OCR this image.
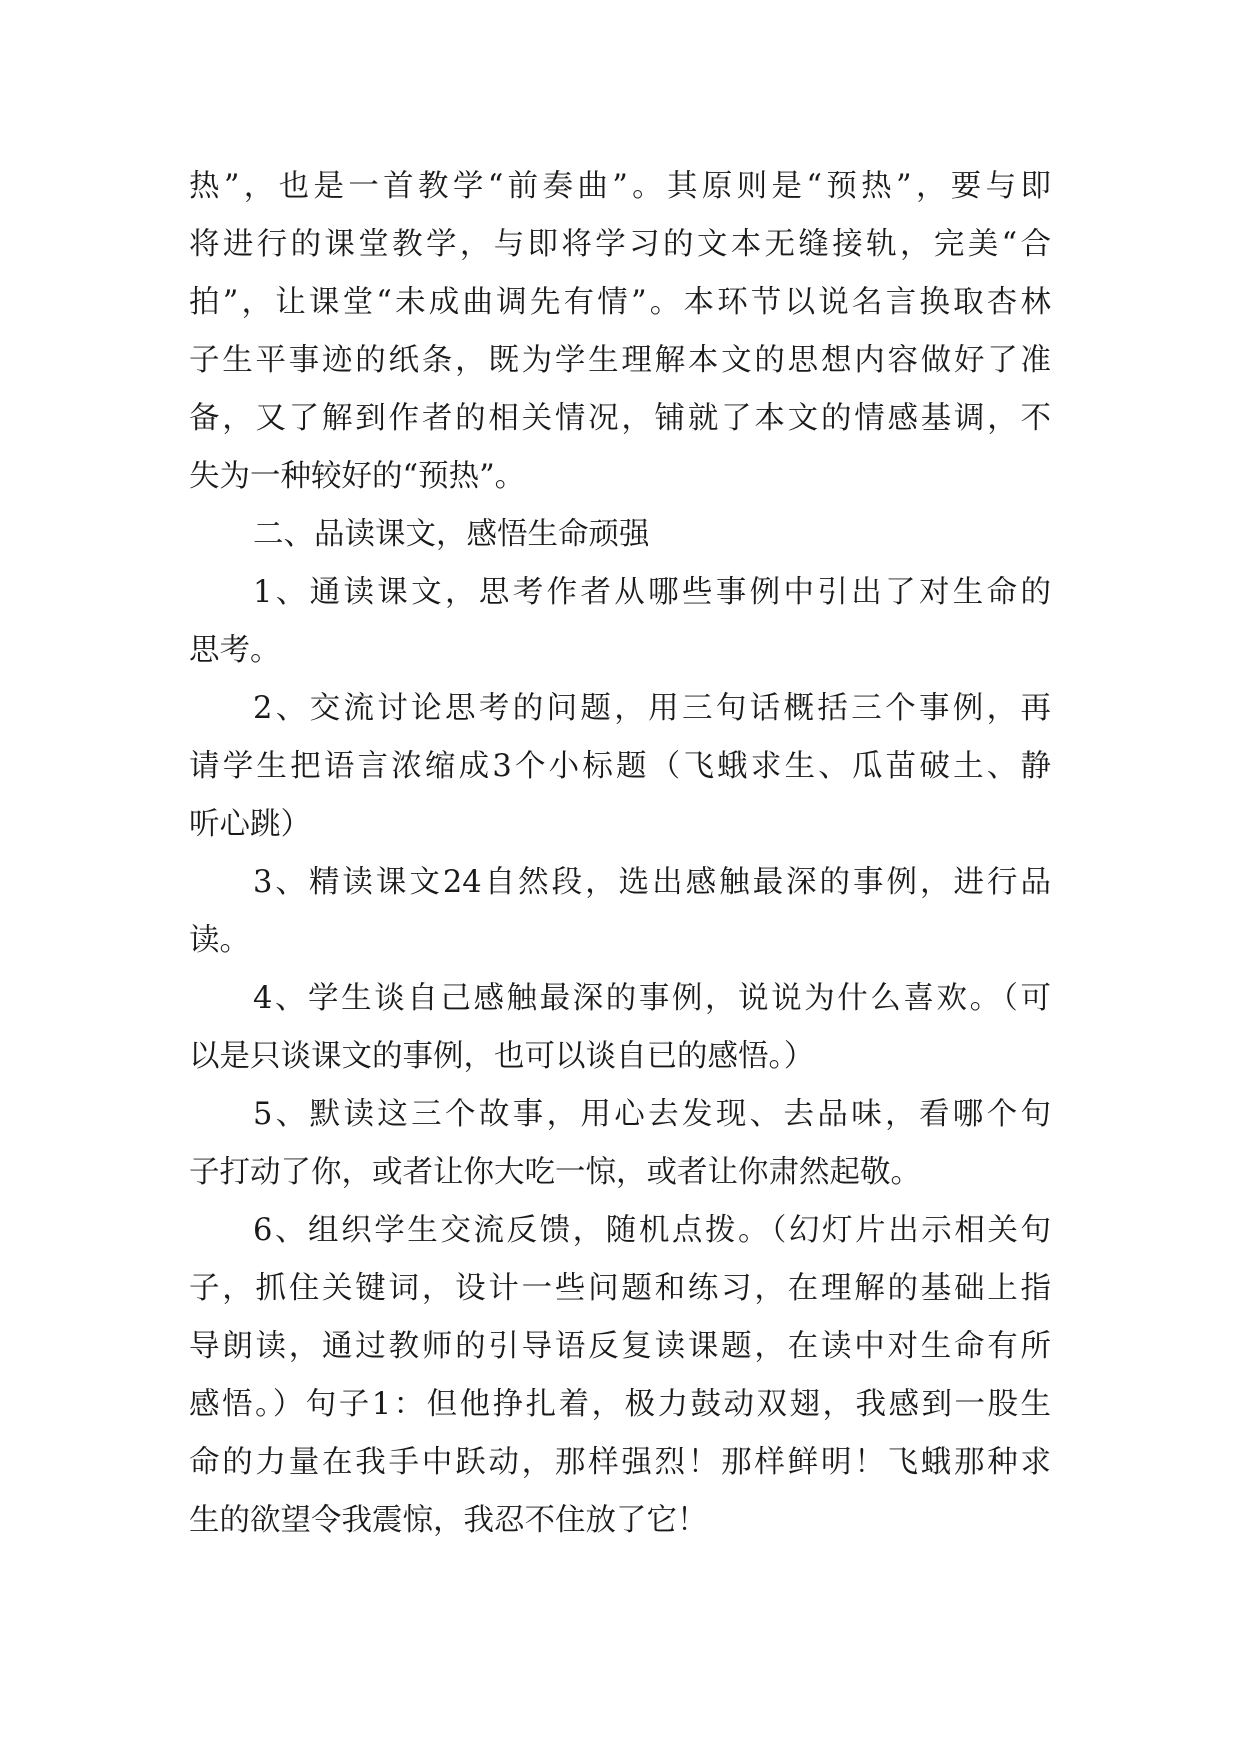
热”，也是一首教学“前奏曲”。其原则是“预热”，要与即
将进行的课堂教学，与即将学习的文本无缝接轨，完美“合
拍”，让课堂“未成曲调先有情”。本环节以说名言换取杏林
子生平事迹的纸条，既为学生理解本文的思想内容做好了准
备，又了解到作者的相关情况，铺就了本文的情感基调，不
失为一种较好的“预热”。
二、品读课文，感悟生命顽强
1、通读课文，思考作者从哪些事例中引出了对生命的
思考。
2、交流讨论思考的问题，用三句话概括三个事例，再
请学生把语言浓缩成3个小标题（飞蛾求生、瓜苗破土、静
听心跳）
3、精读课文24自然段，选出感触最深的事例，进行品
读。
4、学生谈自己感触最深的事例，说说为什么喜欢。（可
以是只谈课文的事例，也可以谈自已的感悟。）
5、默读这三个故事，用心去发现、去品味，看哪个句
子打动了你，或者让你大吃一惊，或者让你肃然起敬。
6、组织学生交流反馈，随机点拨。（幻灯片出示相关句
子，抓住关键词，设计一些问题和练习，在理解的基础上指
导朗读，通过教师的引导语反复读课题，在读中对生命有所
感悟。）句子1：但他挣扎着，极力鼓动双翅，我感到一股生
命的力量在我手中跃动，那样强烈！那样鲜明！飞蛾那种求
生的欲望令我震惊，我忍不住放了它！
